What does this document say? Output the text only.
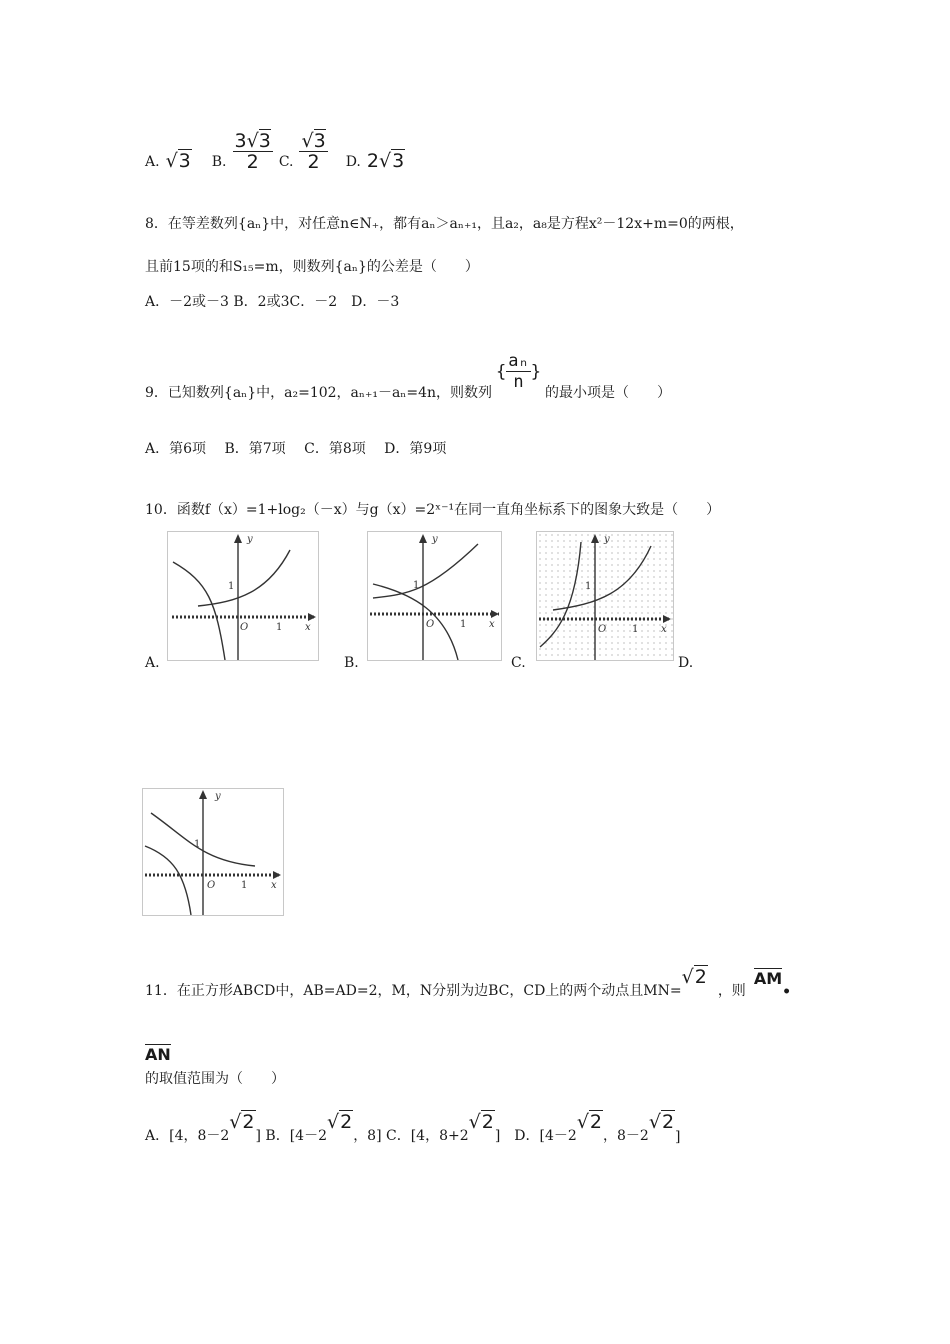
A. √3 B. $\frac{3√3}{2} C$. $\frac{√3}{2} D$. 2√3
8．在等差数列{aₙ}中，对任意n∈N₊，都有aₙ＞aₙ₊₁，且a₂，a₈是方程x²－12x+m=0的两根，
且前15项的和S₁₅=m，则数列{aₙ}的公差是（　　）
A．－2或－3 B．2或3C．－2　D．－3
9．已知数列{aₙ}中，a₂=102，aₙ₊₁－aₙ=4n，则数列
{ $\frac{\text{aₙ}}{n}$ }
的最小项是（　　）
A．第6项　 B．第7项　 C．第8项　 D．第9项
10．函数f（x）=1+log₂（－x）与g（x）=2ˣ⁻¹在同一直角坐标系下的图象大致是（　　）
A.	B.	C.	D.
y
x
O
1
1
y
x
O
1
1
y
x
O
1
1
y
x
O
1
1
11．在正方形ABCD中，AB=AD=2，M，N分别为边BC，CD上的两个动点且MN=
√2
，则
AM
•
AN
的取值范围为（　　）
A．[4，8－2
√2
] B．[4－2
√2
，8] C．[4，8+2
√2
]　D．[4－2
√2
，8－2
√2
]
